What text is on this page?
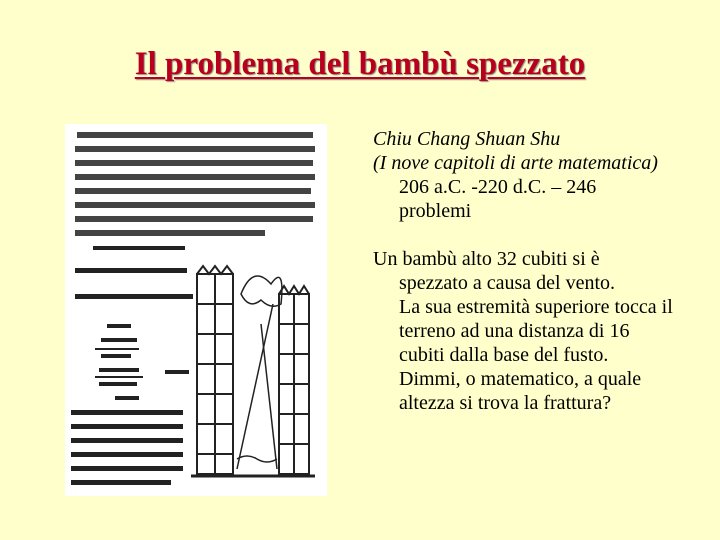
Il problema del bambù spezzato

Chiu Chang Shuan Shu

(I nove capitoli di arte matematica) 206 a.C. -220 d.C. – 246 problemi

Un bambù alto 32 cubiti si è spezzato a causa del vento.

La sua estremità superiore tocca il terreno ad una distanza di 16 cubiti dalla base del fusto.

Dimmi, o matematico, a quale altezza si trova la frattura?
